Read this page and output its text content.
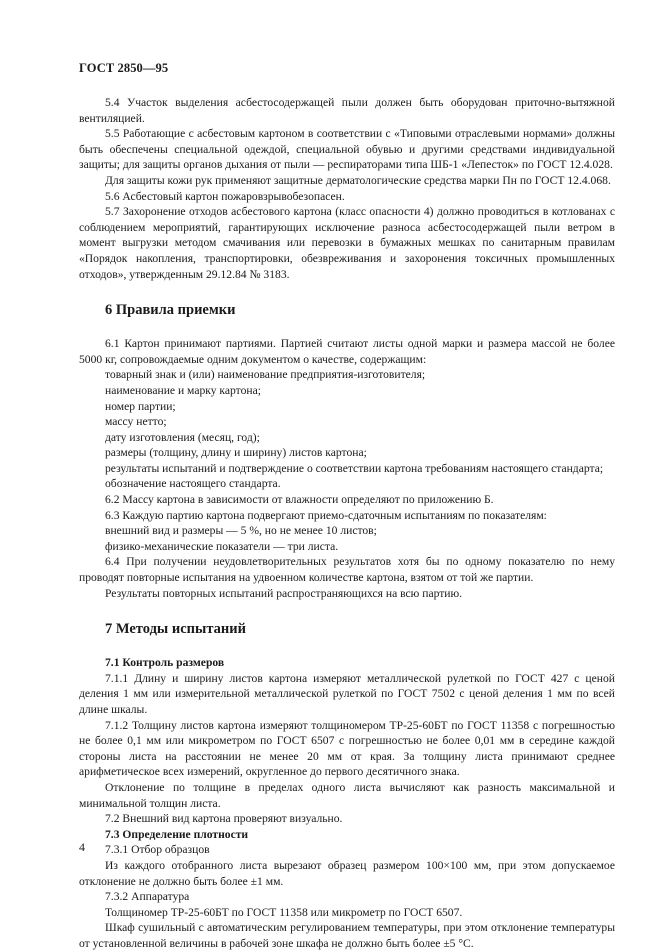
ГОСТ 2850—95
5.4 Участок выделения асбестосодержащей пыли должен быть оборудован приточно-вытяжной вентиляцией.
5.5 Работающие с асбестовым картоном в соответствии с «Типовыми отраслевыми нормами» должны быть обеспечены специальной одеждой, специальной обувью и другими средствами индивидуальной защиты; для защиты органов дыхания от пыли — респираторами типа ШБ-1 «Лепесток» по ГОСТ 12.4.028.
Для защиты кожи рук применяют защитные дерматологические средства марки Пн по ГОСТ 12.4.068.
5.6 Асбестовый картон пожаровзрывобезопасен.
5.7 Захоронение отходов асбестового картона (класс опасности 4) должно проводиться в котлованах с соблюдением мероприятий, гарантирующих исключение разноса асбестосодержащей пыли ветром в момент выгрузки методом смачивания или перевозки в бумажных мешках по санитарным правилам «Порядок накопления, транспортировки, обезвреживания и захоронения токсичных промышленных отходов», утвержденным 29.12.84 № 3183.
6 Правила приемки
6.1 Картон принимают партиями. Партией считают листы одной марки и размера массой не более 5000 кг, сопровождаемые одним документом о качестве, содержащим:
товарный знак и (или) наименование предприятия-изготовителя;
наименование и марку картона;
номер партии;
массу нетто;
дату изготовления (месяц, год);
размеры (толщину, длину и ширину) листов картона;
результаты испытаний и подтверждение о соответствии картона требованиям настоящего стандарта;
обозначение настоящего стандарта.
6.2 Массу картона в зависимости от влажности определяют по приложению Б.
6.3 Каждую партию картона подвергают приемо-сдаточным испытаниям по показателям:
внешний вид и размеры — 5 %, но не менее 10 листов;
физико-механические показатели — три листа.
6.4 При получении неудовлетворительных результатов хотя бы по одному показателю по нему проводят повторные испытания на удвоенном количестве картона, взятом от той же партии.
Результаты повторных испытаний распространяющихся на всю партию.
7 Методы испытаний
7.1 Контроль размеров
7.1.1 Длину и ширину листов картона измеряют металлической рулеткой по ГОСТ 427 с ценой деления 1 мм или измерительной металлической рулеткой по ГОСТ 7502 с ценой деления 1 мм по всей длине шкалы.
7.1.2 Толщину листов картона измеряют толщиномером ТР-25-60БТ по ГОСТ 11358 с погрешностью не более 0,1 мм или микрометром по ГОСТ 6507 с погрешностью не более 0,01 мм в середине каждой стороны листа на расстоянии не менее 20 мм от края. За толщину листа принимают среднее арифметическое всех измерений, округленное до первого десятичного знака.
Отклонение по толщине в пределах одного листа вычисляют как разность максимальной и минимальной толщин листа.
7.2 Внешний вид картона проверяют визуально.
7.3 Определение плотности
7.3.1 Отбор образцов
Из каждого отобранного листа вырезают образец размером 100×100 мм, при этом допускаемое отклонение не должно быть более ±1 мм.
7.3.2 Аппаратура
Толщиномер ТР-25-60БТ по ГОСТ 11358 или микрометр по ГОСТ 6507.
Шкаф сушильный с автоматическим регулированием температуры, при этом отклонение температуры от установленной величины в рабочей зоне шкафа не должно быть более ±5 °С.
4
